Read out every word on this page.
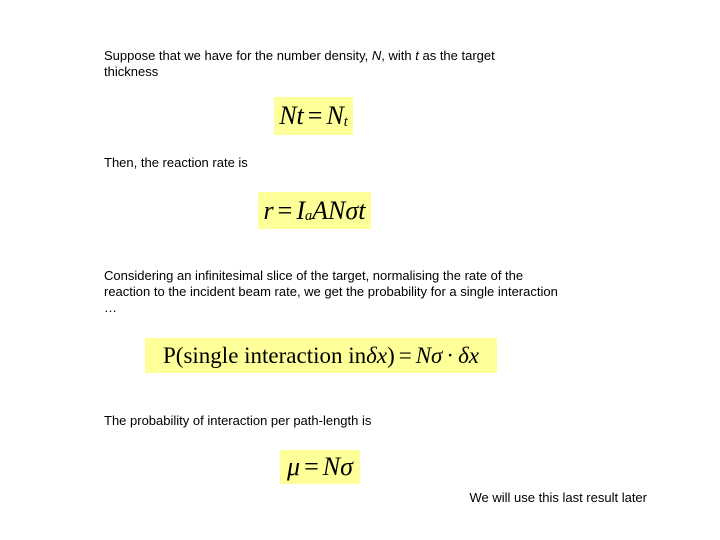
Suppose that we have for the number density, N, with t as the target thickness

Nt = N t

Then, the reaction rate is

r = I a ANσt

Considering an infinitesimal slice of the target, normalising the rate of the reaction to the incident beam rate, we get the probability for a single interaction …

P(single interaction in δx ) = Nσ · δx

The probability of interaction per path-length is

μ = Nσ

We will use this last result later
